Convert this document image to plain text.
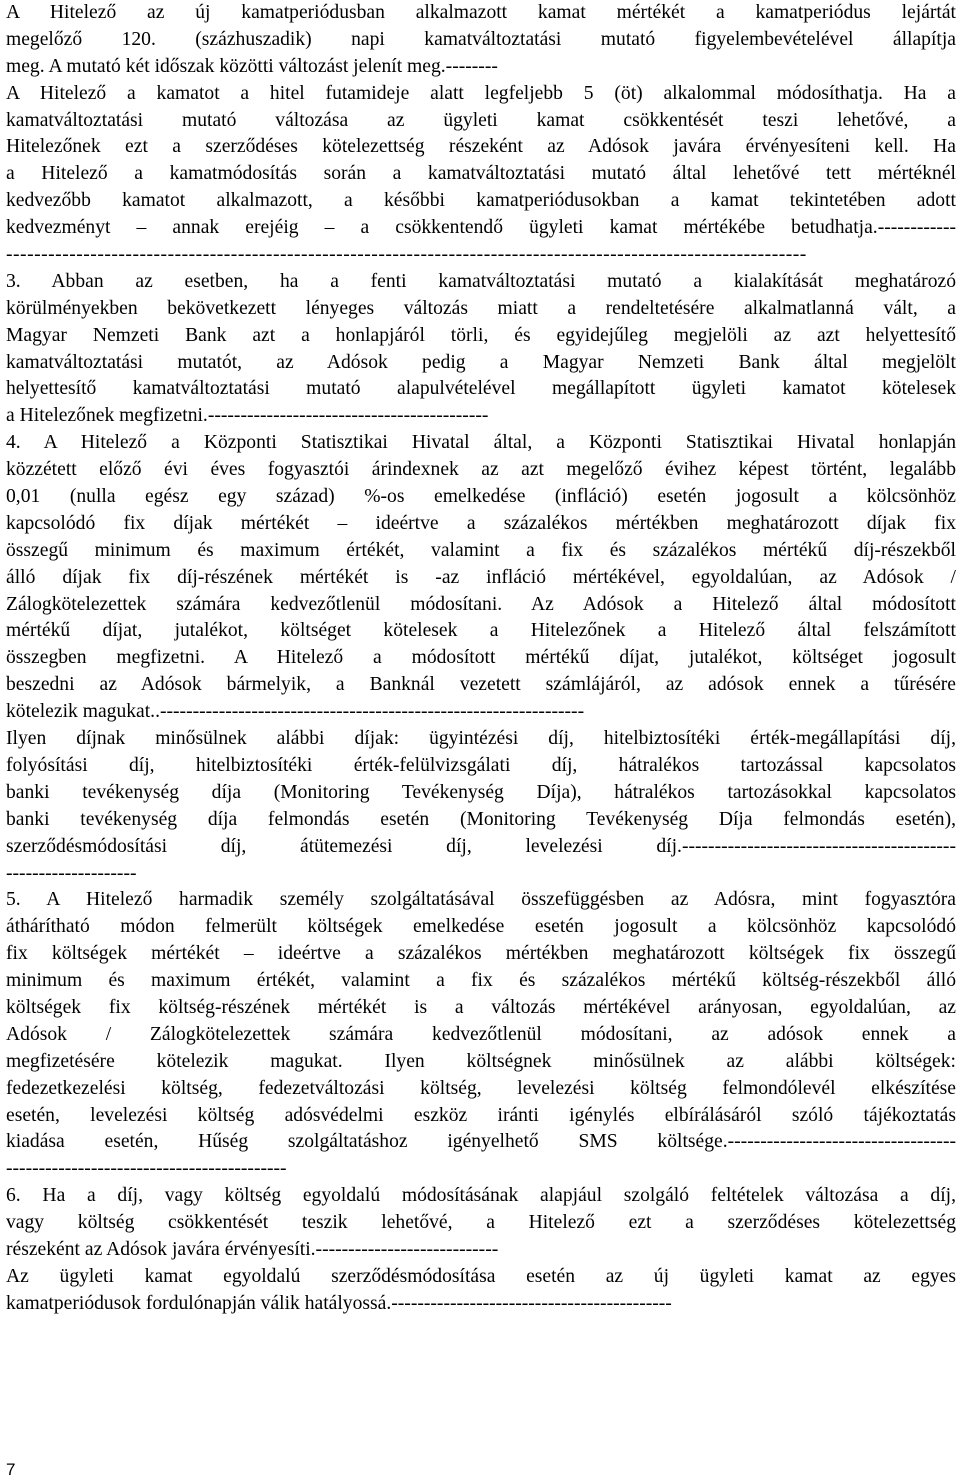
A Hitelező az új kamatperiódusban alkalmazott kamat mértékét a kamatperiódus lejártát
megelőző 120. (százhuszadik) napi kamatváltoztatási mutató figyelembevételével állapítja
meg. A mutató két időszak közötti változást jelenít meg.--------
A Hitelező a kamatot a hitel futamideje alatt legfeljebb 5 (öt) alkalommal módosíthatja. Ha a
kamatváltoztatási mutató változása az ügyleti kamat csökkentését teszi lehetővé, a
Hitelezőnek ezt a szerződéses kötelezettség részeként az Adósok javára érvényesíteni kell. Ha
a Hitelező a kamatmódosítás során a kamatváltoztatási mutató által lehetővé tett mértéknél
kedvezőbb kamatot alkalmazott, a későbbi kamatperiódusokban a kamat tekintetében adott
kedvezményt – annak erejéig – a csökkentendő ügyleti kamat mértékébe betudhatja.------------
------------------------------------------------------------------------------------------------------------------
3. Abban az esetben, ha a fenti kamatváltoztatási mutató a kialakítását meghatározó
körülményekben bekövetkezett lényeges változás miatt a rendeltetésére alkalmatlanná vált, a
Magyar Nemzeti Bank azt a honlapjáról törli, és egyidejűleg megjelöli az azt helyettesítő
kamatváltoztatási mutatót, az Adósok pedig a Magyar Nemzeti Bank által megjelölt
helyettesítő kamatváltoztatási mutató alapulvételével megállapított ügyleti kamatot kötelesek
a Hitelezőnek megfizetni.-------------------------------------------
4. A Hitelező a Központi Statisztikai Hivatal által, a Központi Statisztikai Hivatal honlapján
közzétett előző évi éves fogyasztói árindexnek az azt megelőző évihez képest történt, legalább
0,01 (nulla egész egy század) %-os emelkedése (infláció) esetén jogosult a kölcsönhöz
kapcsolódó fix díjak mértékét – ideértve a százalékos mértékben meghatározott díjak fix
összegű minimum és maximum értékét, valamint a fix és százalékos mértékű díj-részekből
álló díjak fix díj-részének mértékét is -az infláció mértékével, egyoldalúan, az Adósok /
Zálogkötelezettek számára kedvezőtlenül módosítani. Az Adósok a Hitelező által módosított
mértékű díjat, jutalékot, költséget kötelesek a Hitelezőnek a Hitelező által felszámított
összegben megfizetni. A Hitelező a módosított mértékű díjat, jutalékot, költséget jogosult
beszedni az Adósok bármelyik, a Banknál vezetett számlájáról, az adósok ennek a tűrésére
kötelezik magukat..-----------------------------------------------------------------
Ilyen díjnak minősülnek alábbi díjak: ügyintézési díj, hitelbiztosítéki érték-megállapítási díj,
folyósítási díj, hitelbiztosítéki érték-felülvizsgálati díj, hátralékos tartozással kapcsolatos
banki tevékenység díja (Monitoring Tevékenység Díja), hátralékos tartozásokkal kapcsolatos
banki tevékenység díja felmondás esetén (Monitoring Tevékenység Díja felmondás esetén),
szerződésmódosítási díj, átütemezési díj, levelezési díj.------------------------------------------
--------------------
5. A Hitelező harmadik személy szolgáltatásával összefüggésben az Adósra, mint fogyasztóra
áthárítható módon felmerült költségek emelkedése esetén jogosult a kölcsönhöz kapcsolódó
fix költségek mértékét – ideértve a százalékos mértékben meghatározott költségek fix összegű
minimum és maximum értékét, valamint a fix és százalékos mértékű költség-részekből álló
költségek fix költség-részének mértékét is a változás mértékével arányosan, egyoldalúan, az
Adósok / Zálogkötelezettek számára kedvezőtlenül módosítani, az adósok ennek a
megfizetésére kötelezik magukat. Ilyen költségnek minősülnek az alábbi költségek:
fedezetkezelési költség, fedezetváltozási költség, levelezési költség felmondólevél elkészítése
esetén, levelezési költség adósvédelmi eszköz iránti igénylés elbírálásáról szóló tájékoztatás
kiadása esetén, Hűség szolgáltatáshoz igényelhető SMS költsége.-----------------------------------
-------------------------------------------
6. Ha a díj, vagy költség egyoldalú módosításának alapjául szolgáló feltételek változása a díj,
vagy költség csökkentését teszik lehetővé, a Hitelező ezt a szerződéses kötelezettség
részeként az Adósok javára érvényesíti.----------------------------
Az ügyleti kamat egyoldalú szerződésmódosítása esetén az új ügyleti kamat az egyes
kamatperiódusok fordulónapján válik hatályossá.-------------------------------------------
7
